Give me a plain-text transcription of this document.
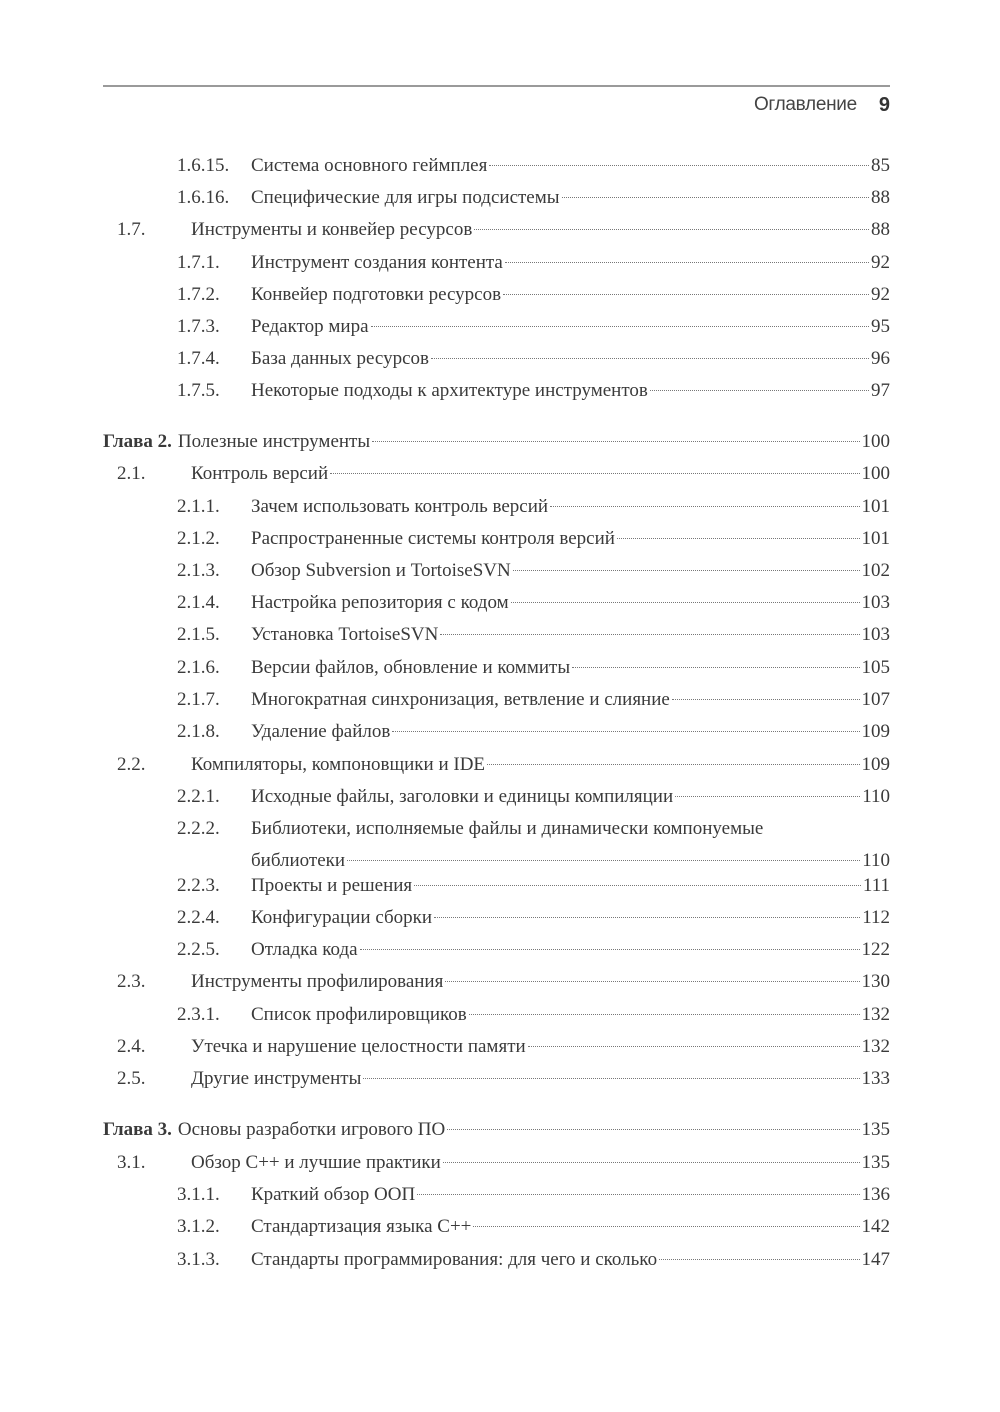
Оглавление 9
1.6.15.	Система основного геймплея	85
1.6.16.	Специфические для игры подсистемы	88
1.7.	Инструменты и конвейер ресурсов	88
1.7.1.	Инструмент создания контента	92
1.7.2.	Конвейер подготовки ресурсов	92
1.7.3.	Редактор мира	95
1.7.4.	База данных ресурсов	96
1.7.5.	Некоторые подходы к архитектуре инструментов	97
Глава 2. Полезные инструменты	100
2.1.	Контроль версий	100
2.1.1.	Зачем использовать контроль версий	101
2.1.2.	Распространенные системы контроля версий	101
2.1.3.	Обзор Subversion и TortoiseSVN	102
2.1.4.	Настройка репозитория с кодом	103
2.1.5.	Установка TortoiseSVN	103
2.1.6.	Версии файлов, обновление и коммиты	105
2.1.7.	Многократная синхронизация, ветвление и слияние	107
2.1.8.	Удаление файлов	109
2.2.	Компиляторы, компоновщики и IDE	109
2.2.1.	Исходные файлы, заголовки и единицы компиляции	110
2.2.2. Библиотеки, исполняемые файлы и динамически компонуемые
библиотеки	110
2.2.3.	Проекты и решения	111
2.2.4.	Конфигурации сборки	112
2.2.5.	Отладка кода	122
2.3.	Инструменты профилирования	130
2.3.1.	Список профилировщиков	132
2.4.	Утечка и нарушение целостности памяти	132
2.5.	Другие инструменты	133
Глава 3. Основы разработки игрового ПО	135
3.1.	Обзор C++ и лучшие практики	135
3.1.1.	Краткий обзор ООП	136
3.1.2.	Стандартизация языка C++	142
3.1.3.	Стандарты программирования: для чего и сколько	147
